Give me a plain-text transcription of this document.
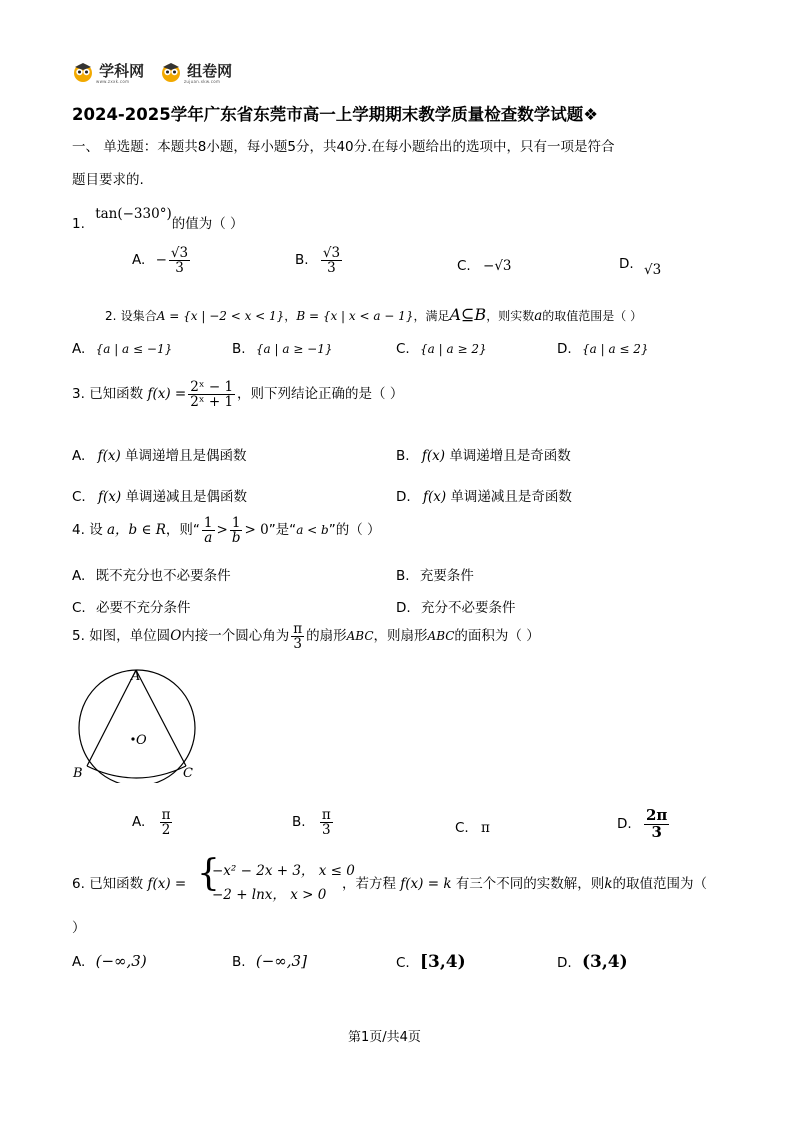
学科网
www.zxxk.com
组卷网
zujuan.xkw.com
2024-2025学年广东省东莞市高一上学期期末教学质量检查数学试题❖
一、 单选题：本题共8小题，每小题5分，共40分.在每小题给出的选项中，只有一项是符合
题目要求的.
1. tan(−330°)的值为（ ）
A. − $\frac{√3}{3}$	B. $\frac{√3}{3}$	C. −√3	D. √3
2. 设集合A = {x | −2 < x < 1}，B = {x | x < a − 1}，满足A⊆B，则实数a的取值范围是（ ）
A. {a | a ≤ −1}	B. {a | a ≥ −1}	C. {a | a ≥ 2}	D. {a | a ≤ 2}
3. 已知函数 $f(x) = \frac{\text{2ˣ − 1}}{\text{2ˣ + 1}}$ ，则下列结论正确的是（ ）
A. f(x) 单调递增且是偶函数	B. f(x) 单调递增且是奇函数
C. f(x) 单调递减且是偶函数	D. f(x) 单调递减且是奇函数
4. 设 a，b ∈ R，则“ $\frac{1}{a} > \frac{1}{b} > 0$”是“a < b”的（ ）
A. 既不充分也不必要条件	B. 充要条件
C. 必要不充分条件	D. 充分不必要条件
5. 如图，单位圆O内接一个圆心角为 $\frac{\pi}{3}$ 的扇形ABC，则扇形ABC的面积为（ ）
A
B	C
O
A. $\frac{\pi}{2}$	B. $\frac{\pi}{3}$	C. π	D. $\frac{2\pi}{3}$
6. 已知函数 f(x) = {
−x² − 2x + 3， x ≤ 0
−2 + lnx， x > 0
，若方程 f(x) = k 有三个不同的实数解，则k的取值范围为（
）
A. (−∞,3)	B. (−∞,3]	C. [3,4)	D. (3,4)
第1页/共4页
